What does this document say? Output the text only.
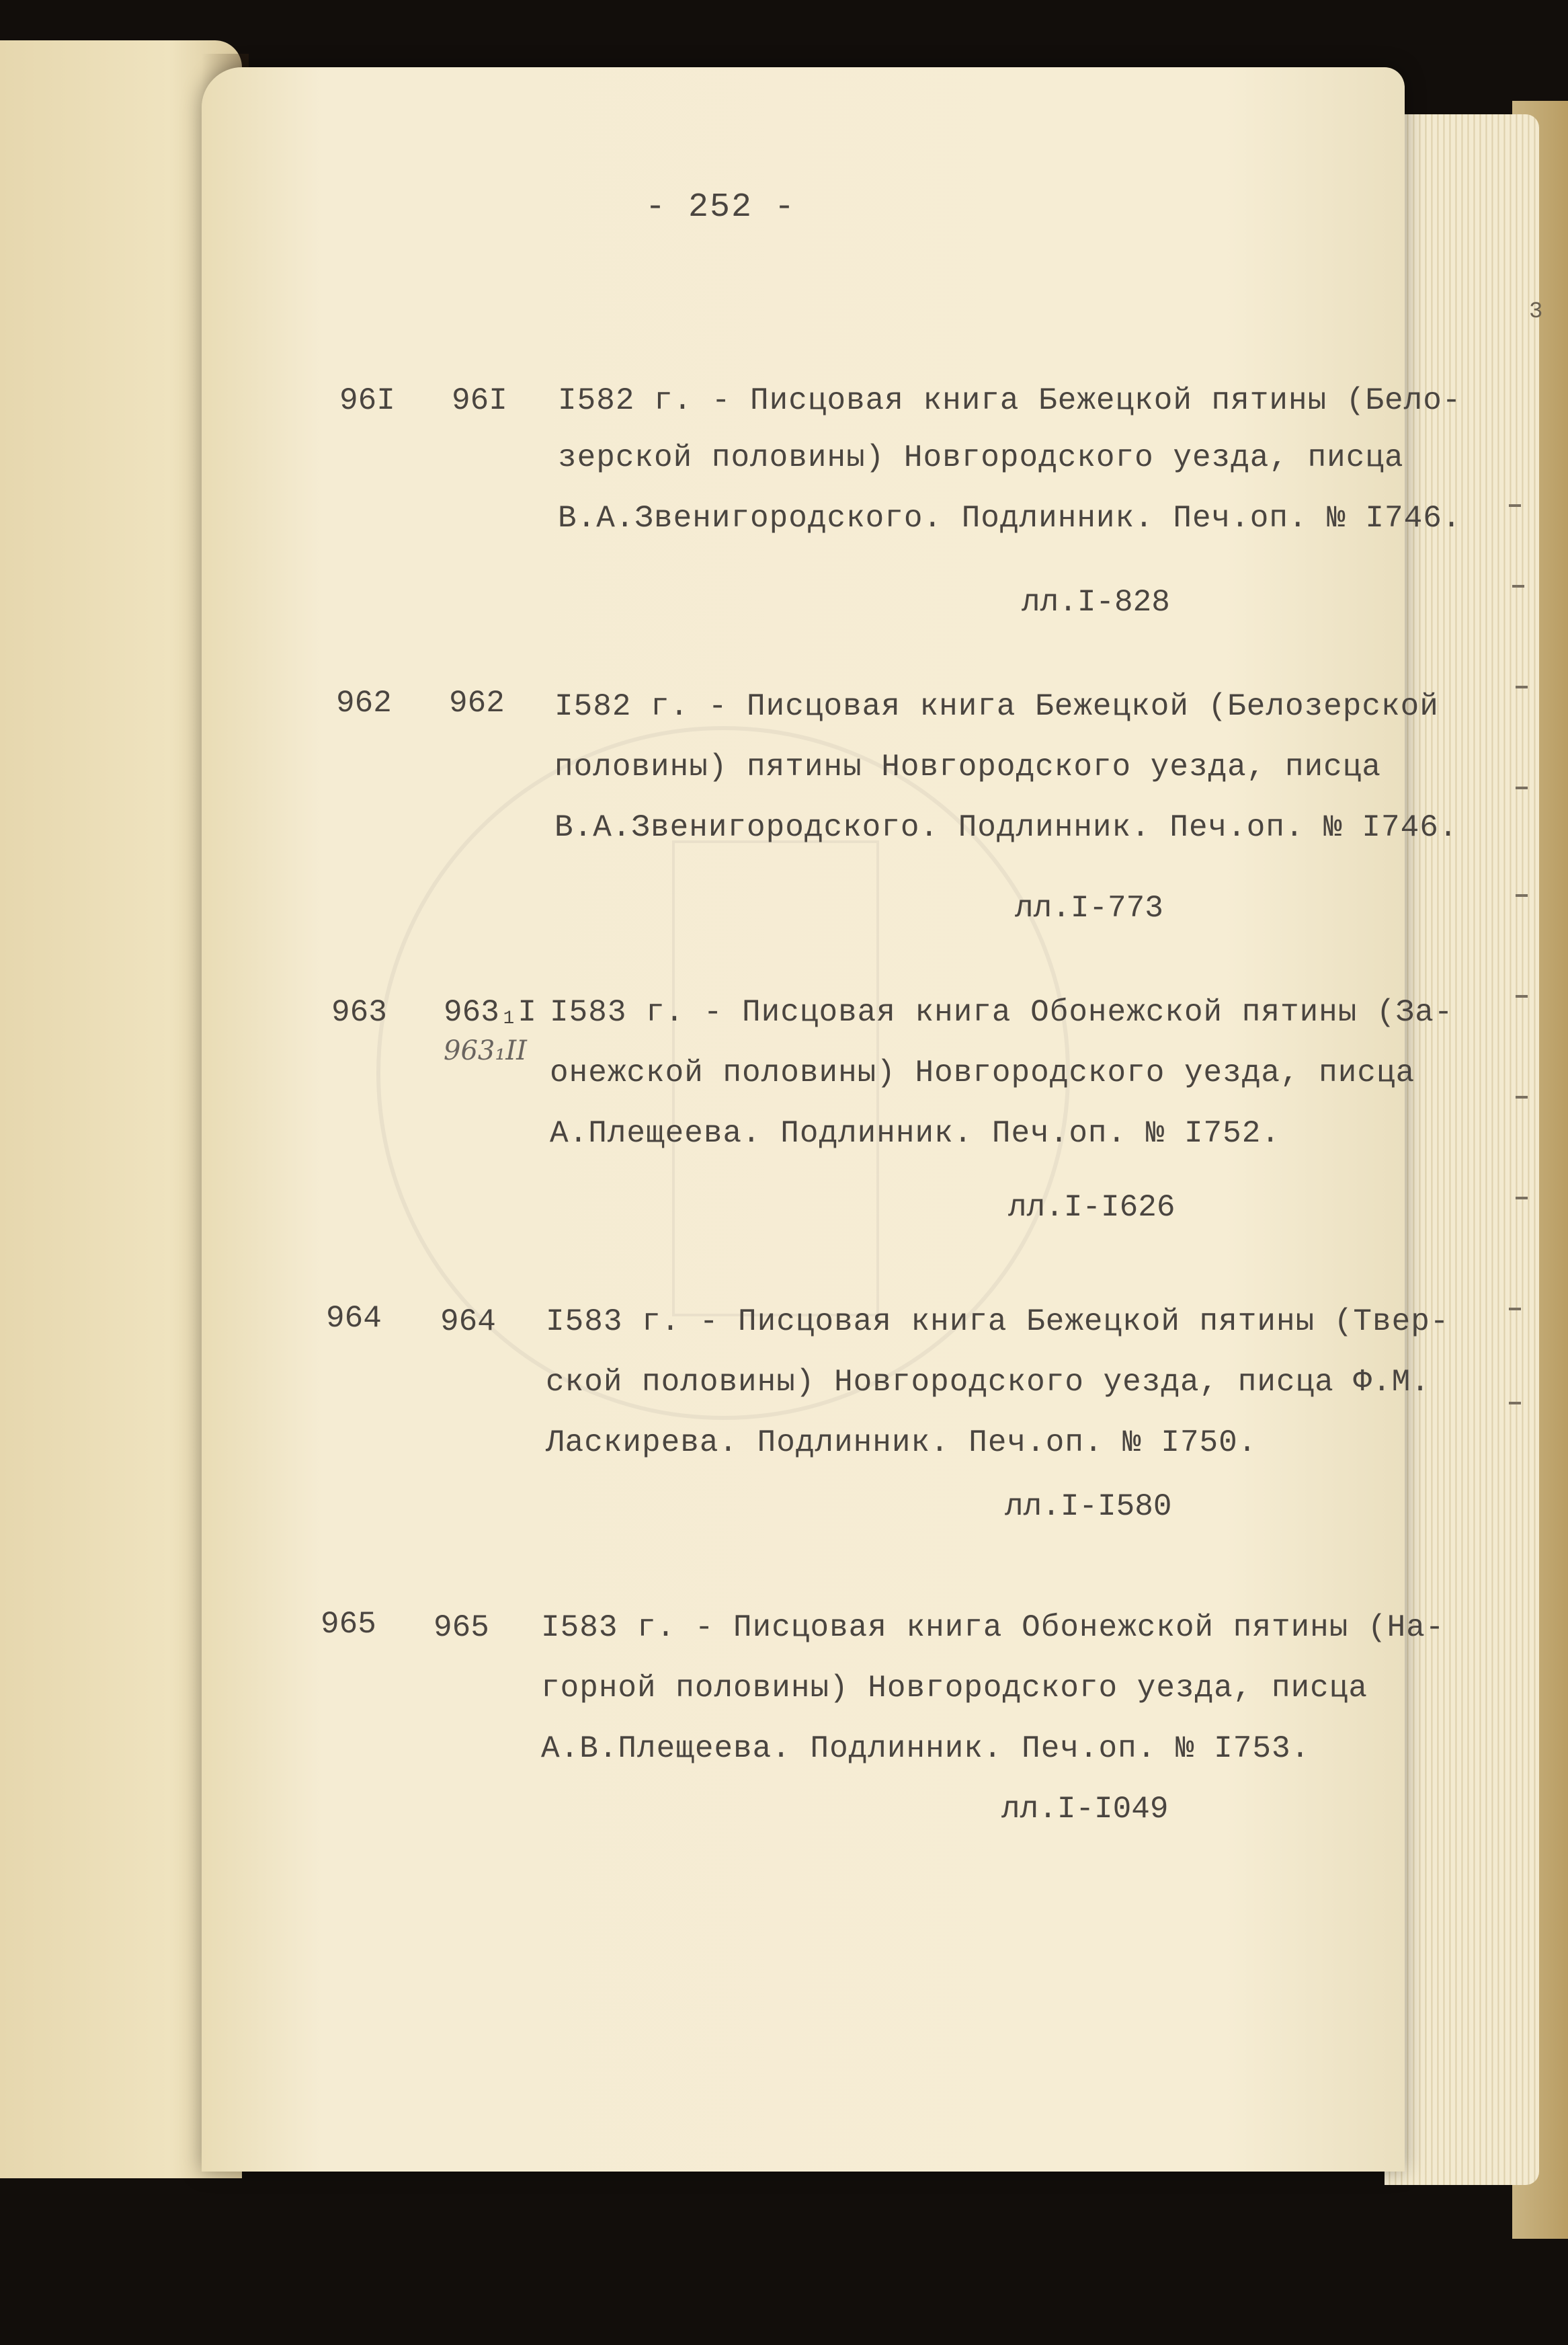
3
- 252 -
96I 96I I582 г. - Писцовая книга Бежецкой пятины (Бело-
зерской половины) Новгородского уезда, писца
В.А.Звенигородского. Подлинник. Печ.оп. № I746.
лл.I-828
962 962 I582 г. - Писцовая книга Бежецкой (Белозерской
половины) пятины Новгородского уезда, писца
В.А.Звенигородского. Подлинник. Печ.оп. № I746.
лл.I-773
963 963₁I
963₁II
I583 г. - Писцовая книга Обонежской пятины (За-
онежской половины) Новгородского уезда, писца
А.Плещеева. Подлинник. Печ.оп. № I752.
лл.I-I626
964 964 I583 г. - Писцовая книга Бежецкой пятины (Твер-
ской половины) Новгородского уезда, писца Ф.М.
Ласкирева. Подлинник. Печ.оп. № I750.
лл.I-I580
965 965 I583 г. - Писцовая книга Обонежской пятины (На-
горной половины) Новгородского уезда, писца
А.В.Плещеева. Подлинник. Печ.оп. № I753.
лл.I-I049
